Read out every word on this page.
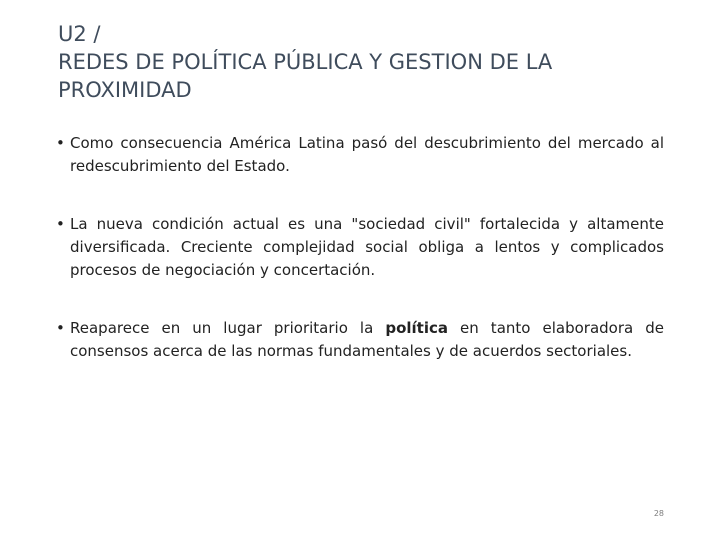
U2 /
REDES DE POLÍTICA PÚBLICA Y GESTION DE LA
PROXIMIDAD
• Como consecuencia América Latina pasó del descubrimiento del mercado al redescubrimiento del Estado.
• La nueva condición actual es una "sociedad civil" fortalecida y altamente diversificada. Creciente complejidad social obliga a lentos y complicados procesos de negociación y concertación.
• Reaparece en un lugar prioritario la política en tanto elaboradora de consensos acerca de las normas fundamentales y de acuerdos sectoriales.
28
